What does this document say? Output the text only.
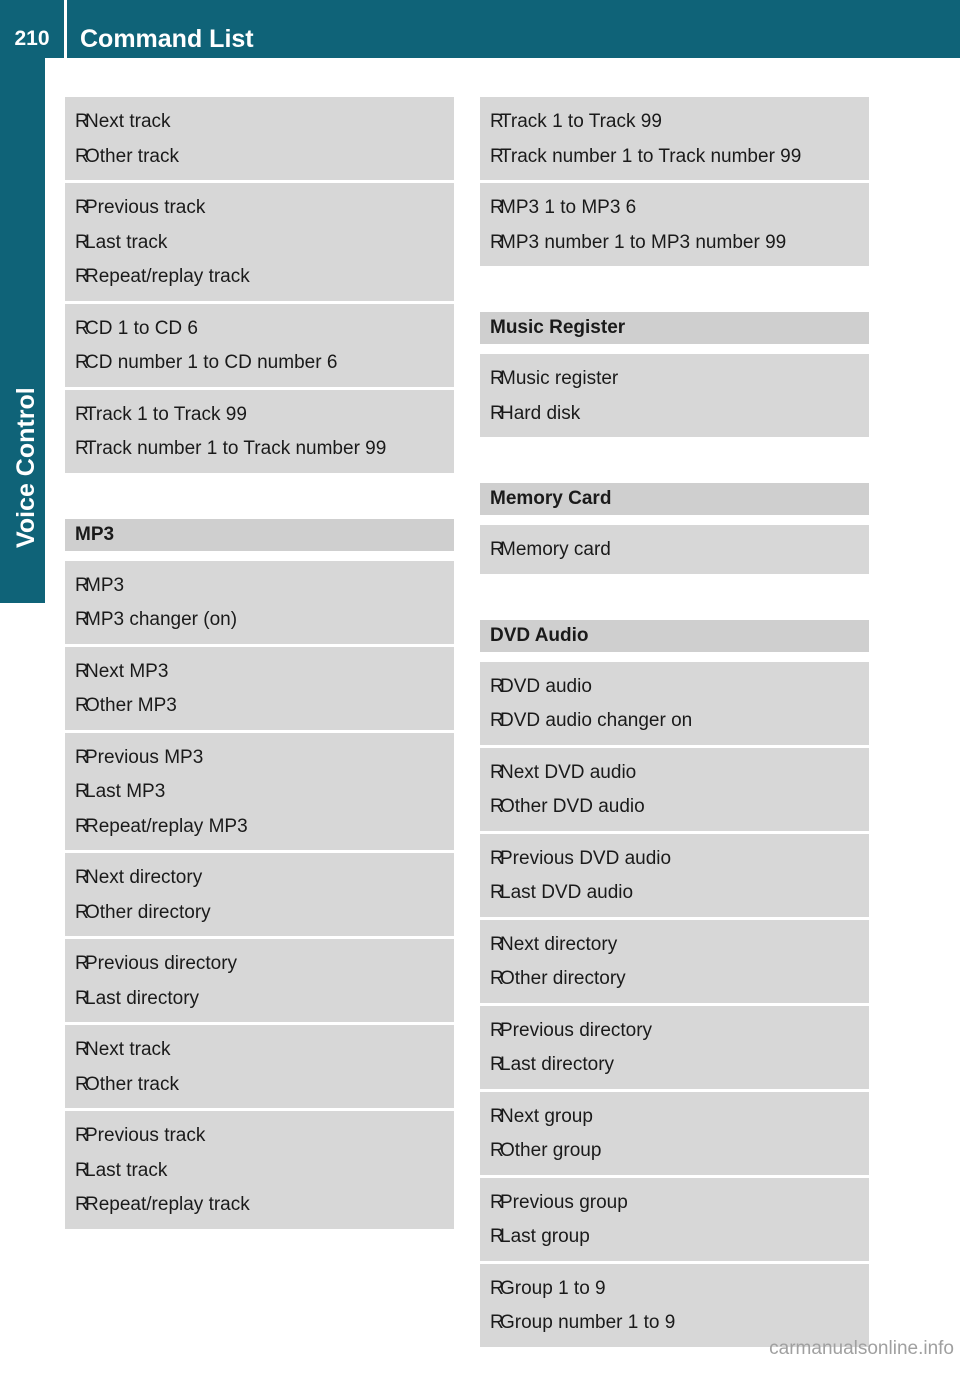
210	Command List
Voice Control
RNext track
ROther track
RPrevious track
RLast track
RRepeat/replay track
RCD 1 to CD 6
RCD number 1 to CD number 6
RTrack 1 to Track 99
RTrack number 1 to Track number 99
MP3
RMP3
RMP3 changer (on)
RNext MP3
ROther MP3
RPrevious MP3
RLast MP3
RRepeat/replay MP3
RNext directory
ROther directory
RPrevious directory
RLast directory
RNext track
ROther track
RPrevious track
RLast track
RRepeat/replay track
RTrack 1 to Track 99
RTrack number 1 to Track number 99
RMP3 1 to MP3 6
RMP3 number 1 to MP3 number 99
Music Register
RMusic register
RHard disk
Memory Card
RMemory card
DVD Audio
RDVD audio
RDVD audio changer on
RNext DVD audio
ROther DVD audio
RPrevious DVD audio
RLast DVD audio
RNext directory
ROther directory
RPrevious directory
RLast directory
RNext group
ROther group
RPrevious group
RLast group
RGroup 1 to 9
RGroup number 1 to 9
carmanualsonline.info
